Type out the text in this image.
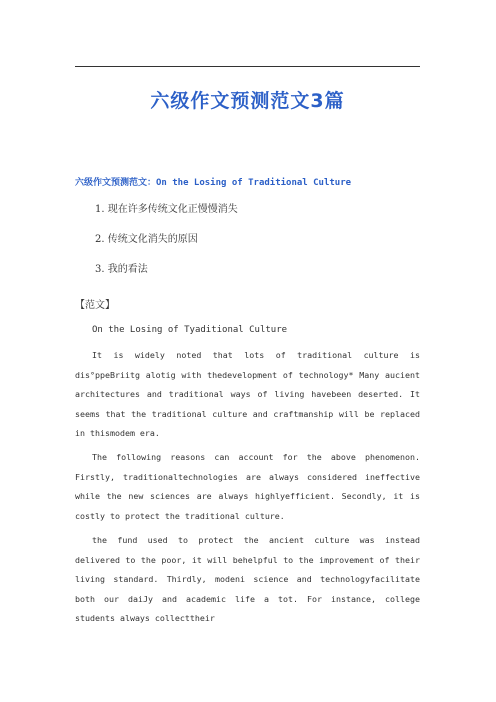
六级作文预测范文3篇
六级作文预测范文：On the Losing of Traditional Culture
1. 现在许多传统文化正慢慢消失
2. 传统文化消失的原因
3. 我的看法
【范文】
On the Losing of Tyaditional Culture
It is widely noted that lots of traditional culture is dis°ppeBriitg alotig with thedevelopment of technology* Many aucient architectures and traditional ways of living havebeen deserted. It seems that the traditional culture and craftmanship will be replaced in thismodem era.
The following reasons can account for the above phenomenon. Firstly, traditionaltechnologies are always considered ineffective while the new sciences are always highlyefficient. Secondly, it is costly to protect the traditional culture.
the fund used to protect the ancient culture was instead delivered to the poor, it will behelpful to the improvement of their living standard. Thirdly, modeni science and technologyfacilitate both our daiJy and academic life a tot. For instance, college students always collecttheir
